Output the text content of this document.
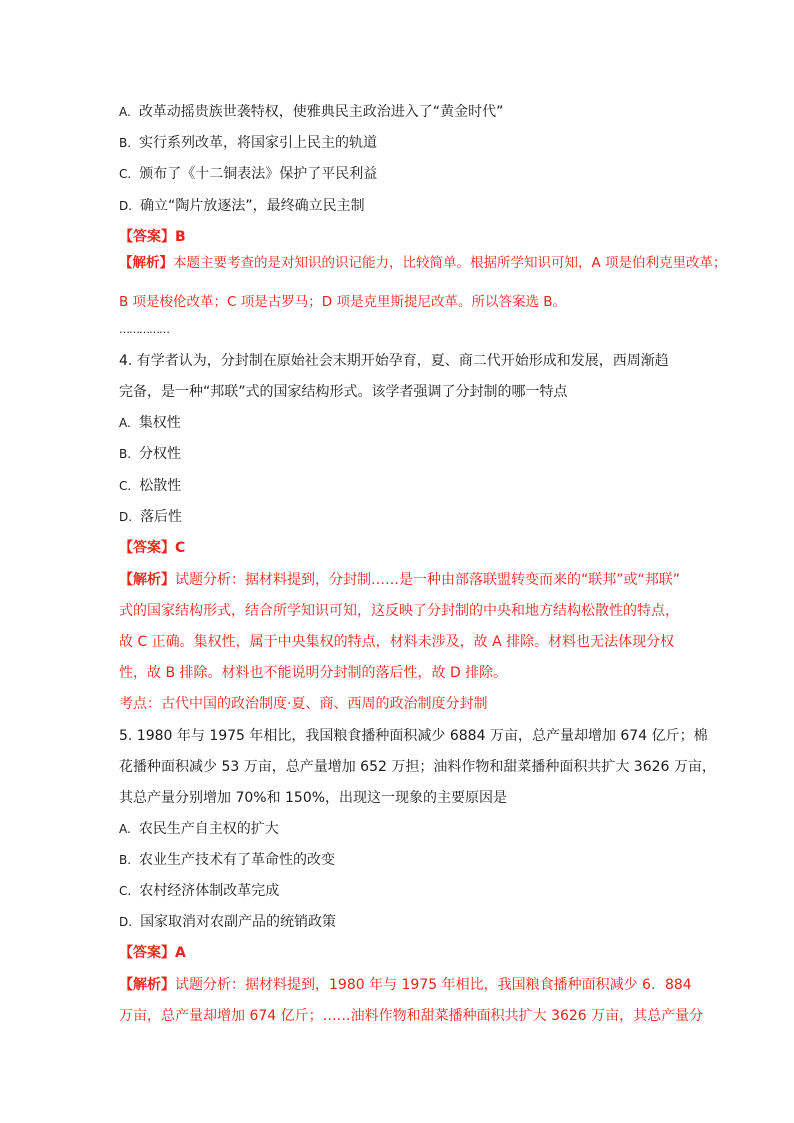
A. 改革动摇贵族世袭特权，使雅典民主政治进入了“黄金时代”
B. 实行系列改革，将国家引上民主的轨道
C. 颁布了《十二铜表法》保护了平民利益
D. 确立“陶片放逐法”，最终确立民主制
【答案】B
【解析】本题主要考查的是对知识的识记能力，比较简单。根据所学知识可知，A 项是伯利克里改革；
B 项是梭伦改革；C 项是古罗马；D 项是克里斯提尼改革。所以答案选 B。
……………
4. 有学者认为，分封制在原始社会末期开始孕育，夏、商二代开始形成和发展，西周渐趋
完备，是一种“邦联”式的国家结构形式。该学者强调了分封制的哪一特点
A. 集权性
B. 分权性
C. 松散性
D. 落后性
【答案】C
【解析】试题分析：据材料提到，分封制……是一种由部落联盟转变而来的“联邦”或“邦联”
式的国家结构形式，结合所学知识可知，这反映了分封制的中央和地方结构松散性的特点，
故 C 正确。集权性，属于中央集权的特点，材料未涉及，故 A 排除。材料也无法体现分权
性，故 B 排除。材料也不能说明分封制的落后性，故 D 排除。
考点：古代中国的政治制度·夏、商、西周的政治制度分封制
5. 1980 年与 1975 年相比，我国粮食播种面积减少 6884 万亩，总产量却增加 674 亿斤；棉
花播种面积减少 53 万亩，总产量增加 652 万担；油料作物和甜菜播种面积共扩大 3626 万亩，
其总产量分别增加 70%和 150%，出现这一现象的主要原因是
A. 农民生产自主权的扩大
B. 农业生产技术有了革命性的改变
C. 农村经济体制改革完成
D. 国家取消对农副产品的统销政策
【答案】A
【解析】试题分析：据材料提到，1980 年与 1975 年相比，我国粮食播种面积减少 6．884
万亩，总产量却增加 674 亿斤；……油料作物和甜菜播种面积共扩大 3626 万亩，其总产量分
